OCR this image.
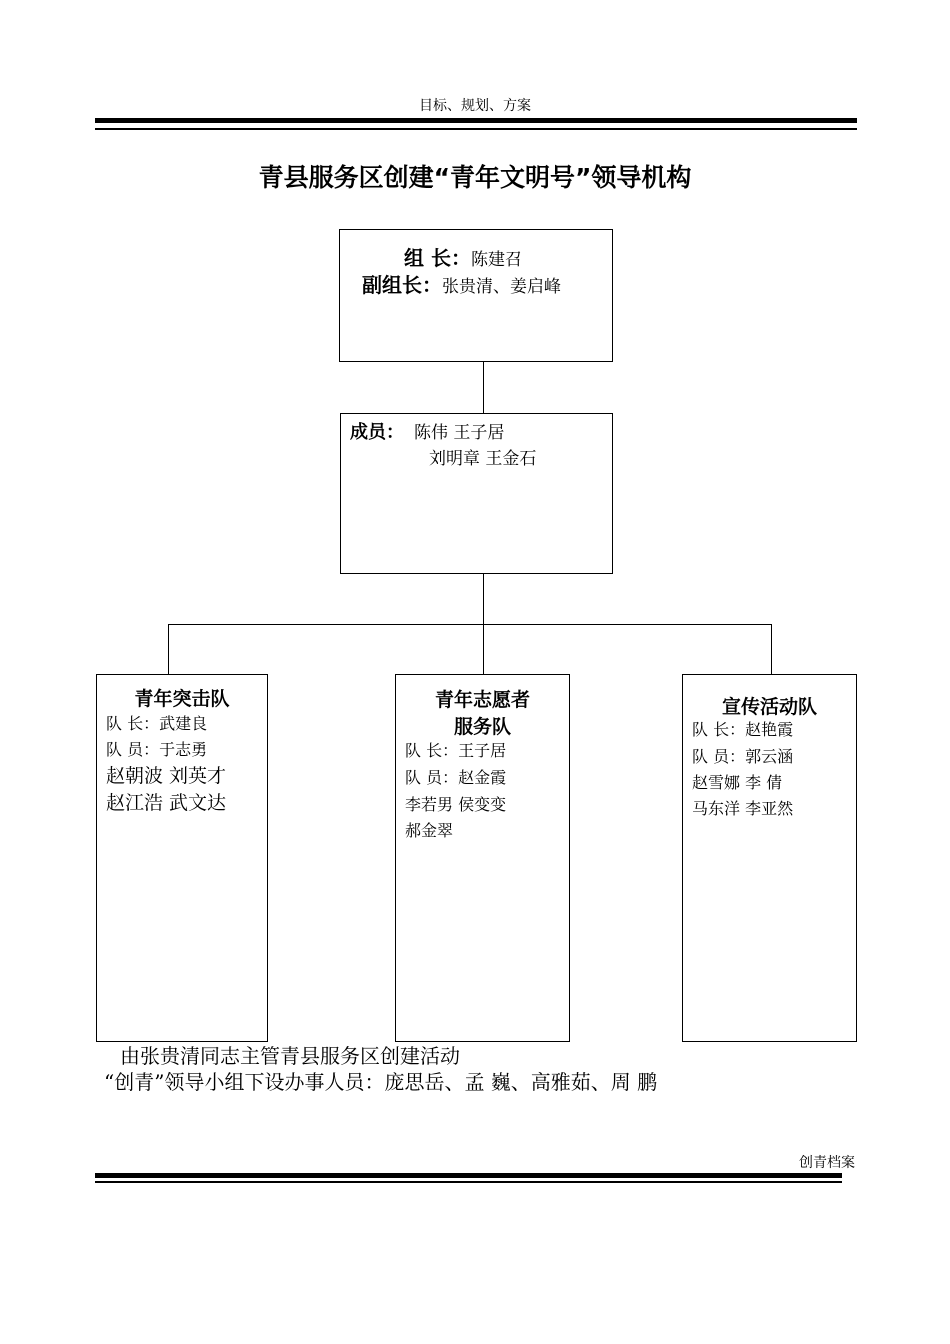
目标、规划、方案
青县服务区创建“青年文明号”领导机构
组 长：陈建召
副组长：张贵清、姜启峰
成员： 陈伟 王子居
刘明章 王金石
青年突击队
队 长：武建良
队 员：于志勇
赵朝波 刘英才
赵江浩 武文达
青年志愿者
服务队
队 长：王子居
队 员：赵金霞
李若男 侯变变
郝金翠
宣传活动队
队 长：赵艳霞
队 员：郭云涵
赵雪娜 李 倩
马东洋 李亚然
由张贵清同志主管青县服务区创建活动
“创青”领导小组下设办事人员：庞思岳、孟 巍、高雅茹、周 鹏
创青档案
